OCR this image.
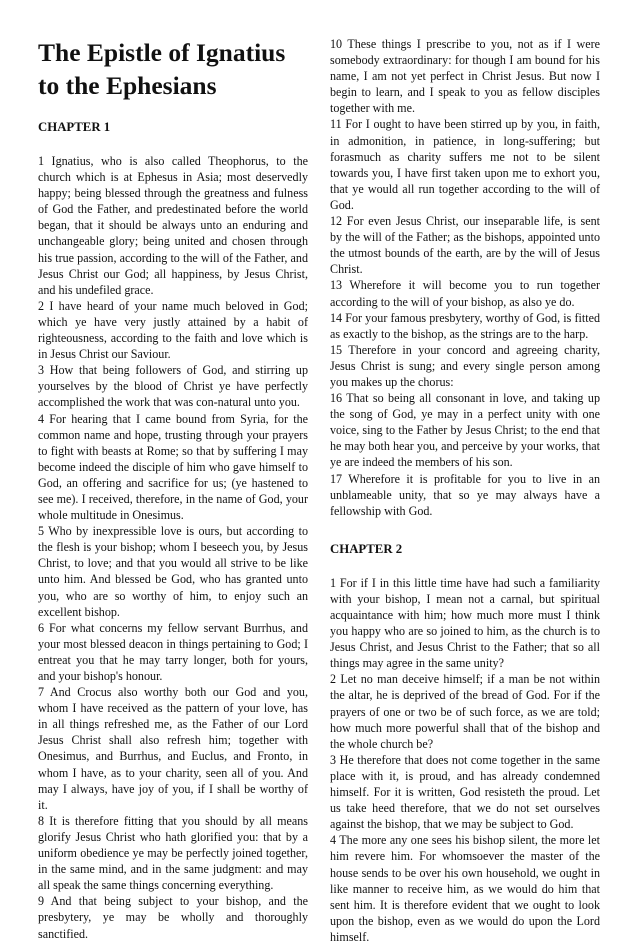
The Epistle of Ignatius to the Ephesians
CHAPTER 1

1 Ignatius, who is also called Theophorus, to the church which is at Ephesus in Asia; most deservedly happy; being blessed through the greatness and fulness of God the Father, and predestinated before the world began, that it should be always unto an enduring and unchangeable glory; being united and chosen through his true passion, according to the will of the Father, and Jesus Christ our God; all happiness, by Jesus Christ, and his undefiled grace.

2 I have heard of your name much beloved in God; which ye have very justly attained by a habit of righteousness, according to the faith and love which is in Jesus Christ our Saviour.

3 How that being followers of God, and stirring up yourselves by the blood of Christ ye have perfectly accomplished the work that was con-natural unto you.

4 For hearing that I came bound from Syria, for the common name and hope, trusting through your prayers to fight with beasts at Rome; so that by suffering I may become indeed the disciple of him who gave himself to God, an offering and sacrifice for us; (ye hastened to see me). I received, therefore, in the name of God, your whole multitude in Onesimus.

5 Who by inexpressible love is ours, but according to the flesh is your bishop; whom I beseech you, by Jesus Christ, to love; and that you would all strive to be like unto him. And blessed be God, who has granted unto you, who are so worthy of him, to enjoy such an excellent bishop.

6 For what concerns my fellow servant Burrhus, and your most blessed deacon in things pertaining to God; I entreat you that he may tarry longer, both for yours, and your bishop's honour.

7 And Crocus also worthy both our God and you, whom I have received as the pattern of your love, has in all things refreshed me, as the Father of our Lord Jesus Christ shall also refresh him; together with Onesimus, and Burrhus, and Euclus, and Fronto, in whom I have, as to your charity, seen all of you. And may I always, have joy of you, if I shall be worthy of it.

8 It is therefore fitting that you should by all means glorify Jesus Christ who hath glorified you: that by a uniform obedience ye may be perfectly joined together, in the same mind, and in the same judgment: and may all speak the same things concerning everything.

9 And that being subject to your bishop, and the presbytery, ye may be wholly and thoroughly sanctified.

10 These things I prescribe to you, not as if I were somebody extraordinary: for though I am bound for his name, I am not yet perfect in Christ Jesus. But now I begin to learn, and I speak to you as fellow disciples together with me.

11 For I ought to have been stirred up by you, in faith, in admonition, in patience, in long-suffering; but forasmuch as charity suffers me not to be silent towards you, I have first taken upon me to exhort you, that ye would all run together according to the will of God.

12 For even Jesus Christ, our inseparable life, is sent by the will of the Father; as the bishops, appointed unto the utmost bounds of the earth, are by the will of Jesus Christ.

13 Wherefore it will become you to run together according to the will of your bishop, as also ye do.

14 For your famous presbytery, worthy of God, is fitted as exactly to the bishop, as the strings are to the harp.

15 Therefore in your concord and agreeing charity, Jesus Christ is sung; and every single person among you makes up the chorus:

16 That so being all consonant in love, and taking up the song of God, ye may in a perfect unity with one voice, sing to the Father by Jesus Christ; to the end that he may both hear you, and perceive by your works, that ye are indeed the members of his son.

17 Wherefore it is profitable for you to live in an unblameable unity, that so ye may always have a fellowship with God.

CHAPTER 2

1 For if I in this little time have had such a familiarity with your bishop, I mean not a carnal, but spiritual acquaintance with him; how much more must I think you happy who are so joined to him, as the church is to Jesus Christ, and Jesus Christ to the Father; that so all things may agree in the same unity?

2 Let no man deceive himself; if a man be not within the altar, he is deprived of the bread of God. For if the prayers of one or two be of such force, as we are told; how much more powerful shall that of the bishop and the whole church be?

3 He therefore that does not come together in the same place with it, is proud, and has already condemned himself. For it is written, God resisteth the proud. Let us take heed therefore, that we do not set ourselves against the bishop, that we may be subject to God.

4 The more any one sees his bishop silent, the more let him revere him. For whomsoever the master of the house sends to be over his own household, we ought in like manner to receive him, as we would do him that sent him. It is therefore evident that we ought to look upon the bishop, even as we would do upon the Lord himself.
